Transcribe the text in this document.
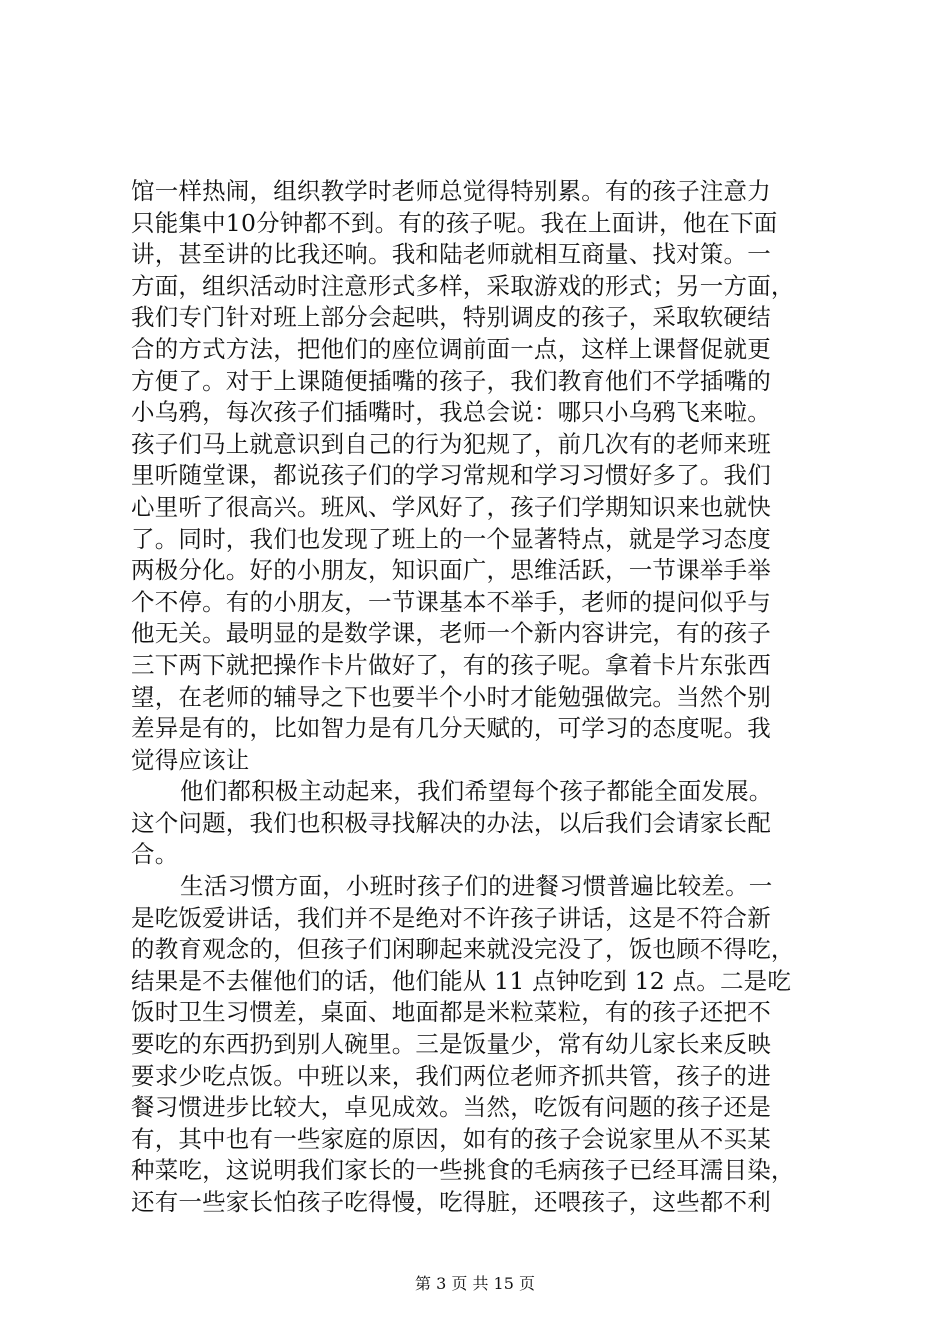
馆一样热闹，组织教学时老师总觉得特别累。有的孩子注意力
只能集中10分钟都不到。有的孩子呢。我在上面讲，他在下面
讲，甚至讲的比我还响。我和陆老师就相互商量、找对策。一
方面，组织活动时注意形式多样，采取游戏的形式；另一方面，
我们专门针对班上部分会起哄，特别调皮的孩子，采取软硬结
合的方式方法，把他们的座位调前面一点，这样上课督促就更
方便了。对于上课随便插嘴的孩子，我们教育他们不学插嘴的
小乌鸦，每次孩子们插嘴时，我总会说：哪只小乌鸦飞来啦。
孩子们马上就意识到自己的行为犯规了，前几次有的老师来班
里听随堂课，都说孩子们的学习常规和学习习惯好多了。我们
心里听了很高兴。班风、学风好了，孩子们学期知识来也就快
了。同时，我们也发现了班上的一个显著特点，就是学习态度
两极分化。好的小朋友，知识面广，思维活跃，一节课举手举
个不停。有的小朋友，一节课基本不举手，老师的提问似乎与
他无关。最明显的是数学课，老师一个新内容讲完，有的孩子
三下两下就把操作卡片做好了，有的孩子呢。拿着卡片东张西
望，在老师的辅导之下也要半个小时才能勉强做完。当然个别
差异是有的，比如智力是有几分天赋的，可学习的态度呢。我
觉得应该让
他们都积极主动起来，我们希望每个孩子都能全面发展。
这个问题，我们也积极寻找解决的办法，以后我们会请家长配
合。
生活习惯方面，小班时孩子们的进餐习惯普遍比较差。一
是吃饭爱讲话，我们并不是绝对不许孩子讲话，这是不符合新
的教育观念的，但孩子们闲聊起来就没完没了，饭也顾不得吃，
结果是不去催他们的话，他们能从 11 点钟吃到 12 点。二是吃
饭时卫生习惯差，桌面、地面都是米粒菜粒，有的孩子还把不
要吃的东西扔到别人碗里。三是饭量少，常有幼儿家长来反映
要求少吃点饭。中班以来，我们两位老师齐抓共管，孩子的进
餐习惯进步比较大，卓见成效。当然，吃饭有问题的孩子还是
有，其中也有一些家庭的原因，如有的孩子会说家里从不买某
种菜吃，这说明我们家长的一些挑食的毛病孩子已经耳濡目染，
还有一些家长怕孩子吃得慢，吃得脏，还喂孩子，这些都不利
第 3 页 共 15 页
